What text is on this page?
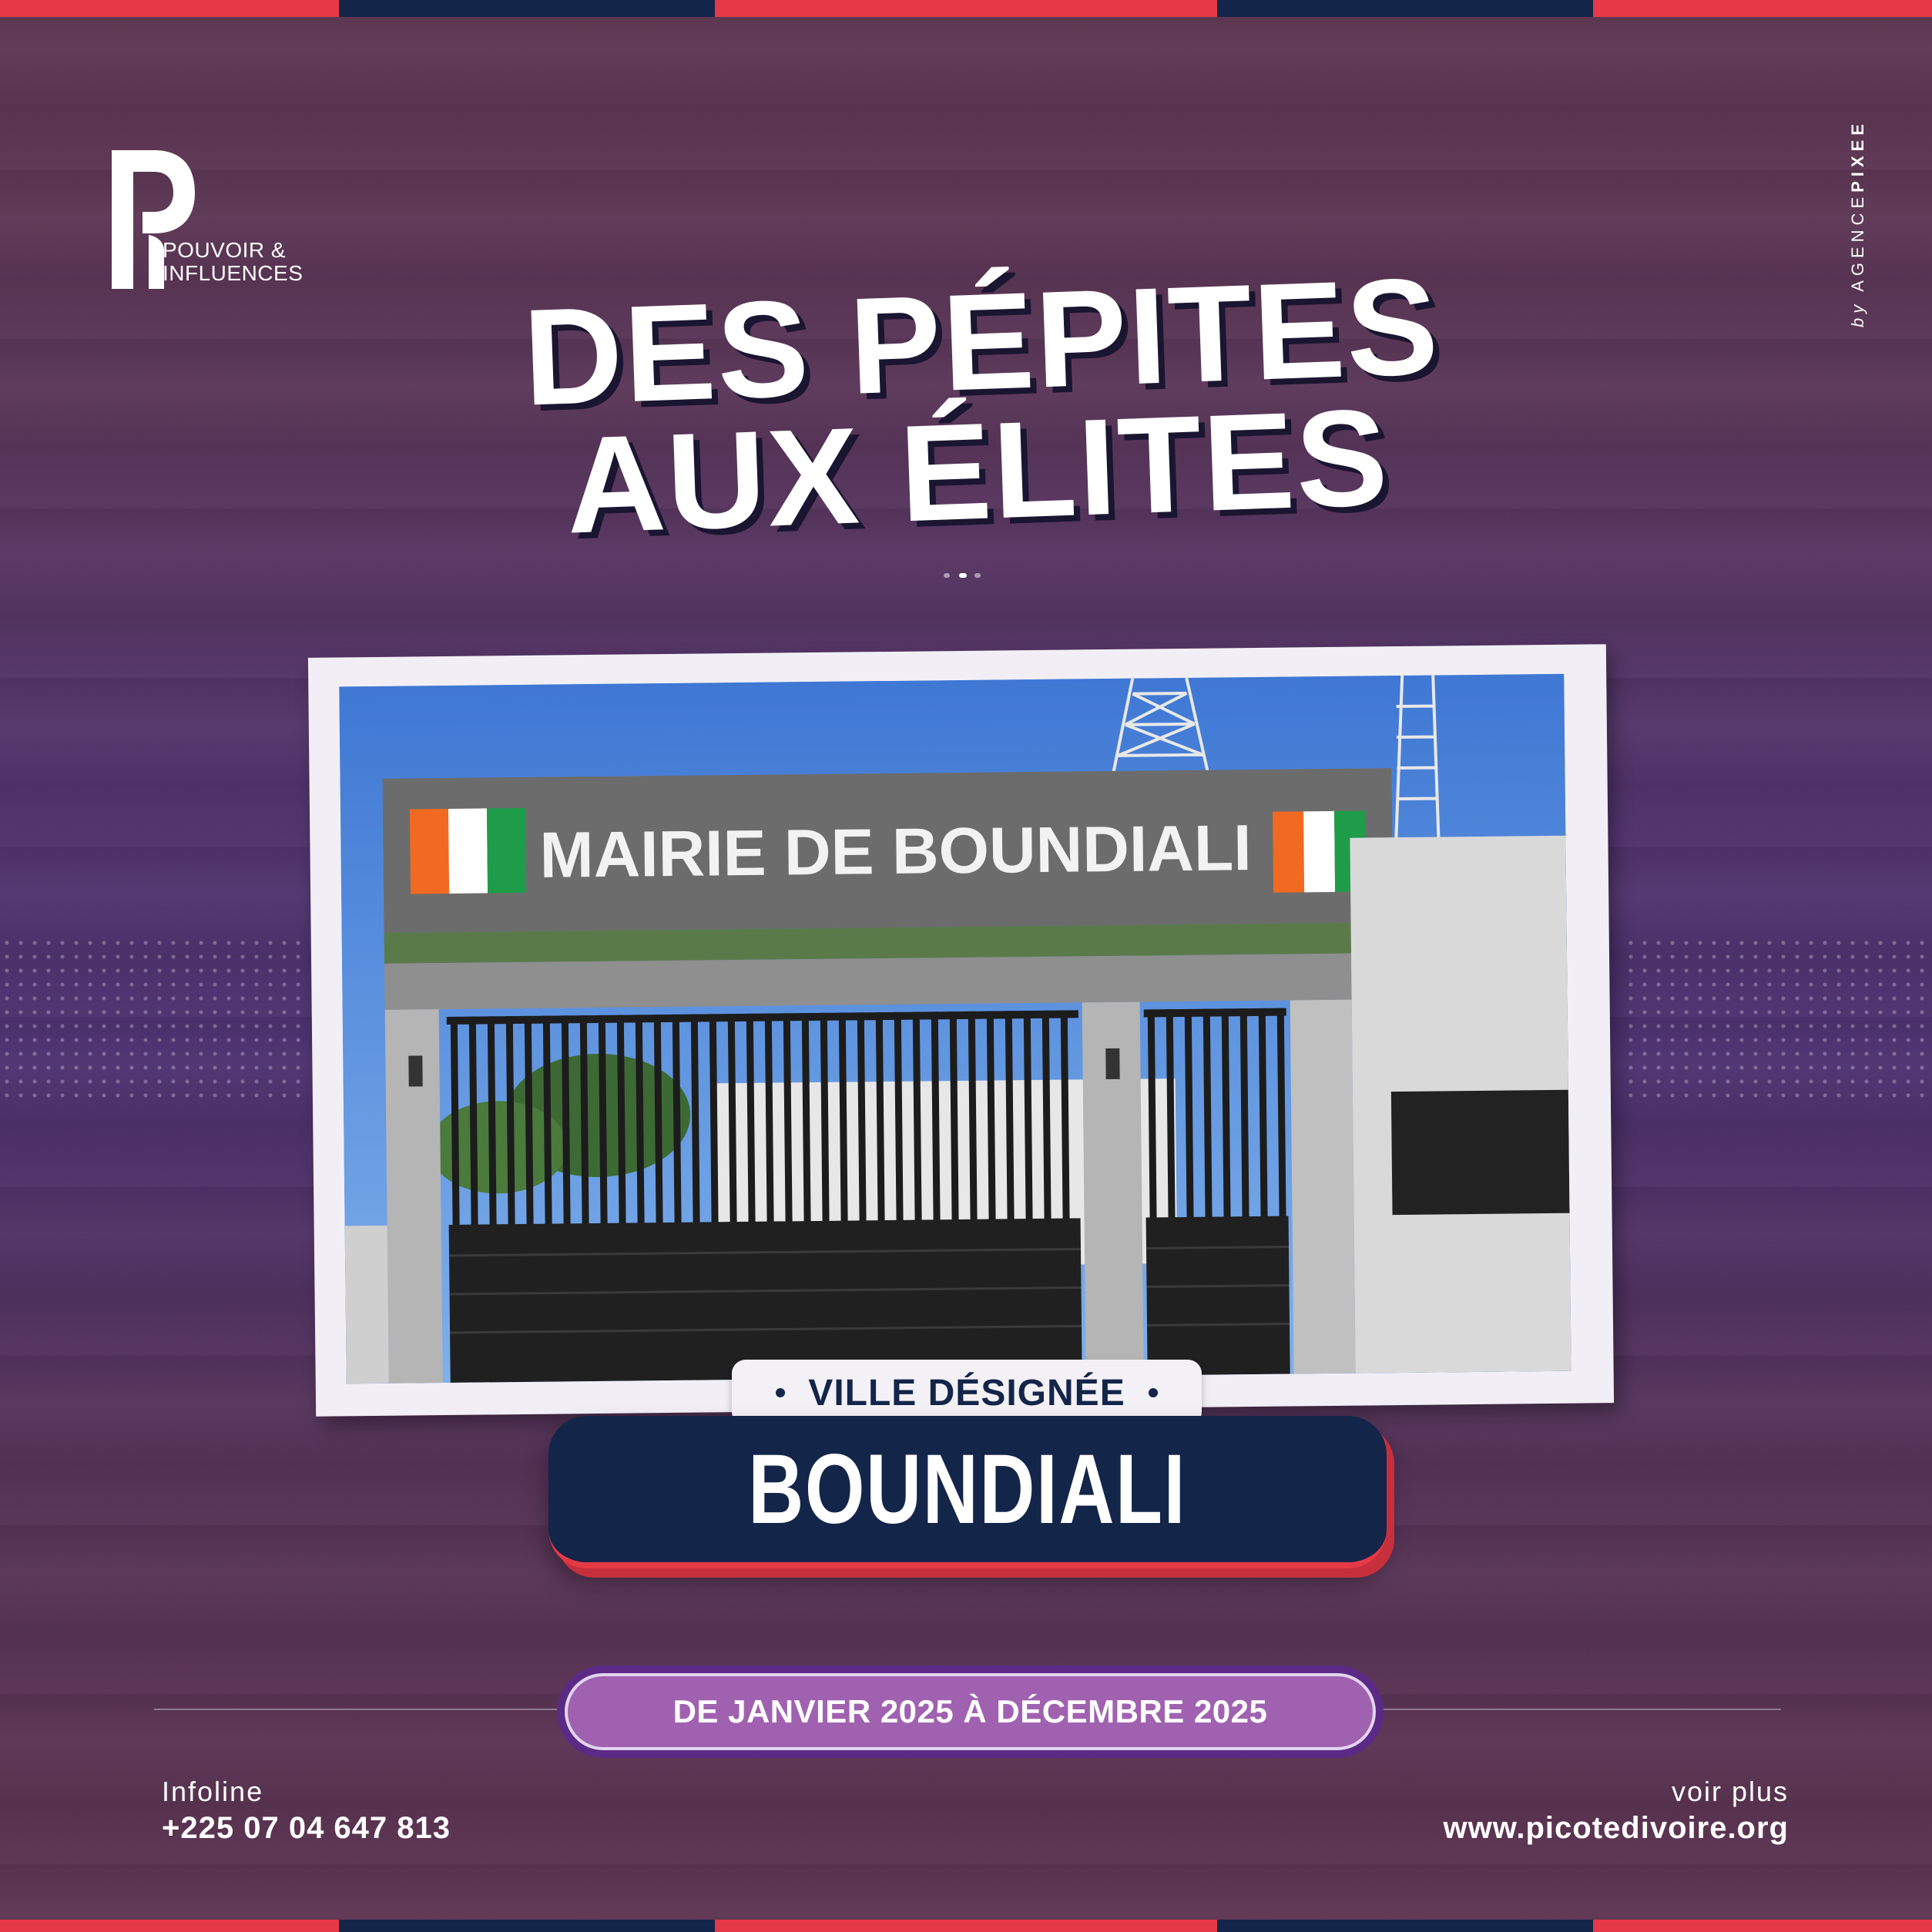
POUVOIR &
INFLUENCES
by AGENCEPIXEE
DES PÉPITES
AUX ÉLITES
MAIRIE DE BOUNDIALI
VILLE DÉSIGNÉE
BOUNDIALI
DE JANVIER 2025 À DÉCEMBRE 2025
Infoline
+225 07 04 647 813
voir plus
www.picotedivoire.org
